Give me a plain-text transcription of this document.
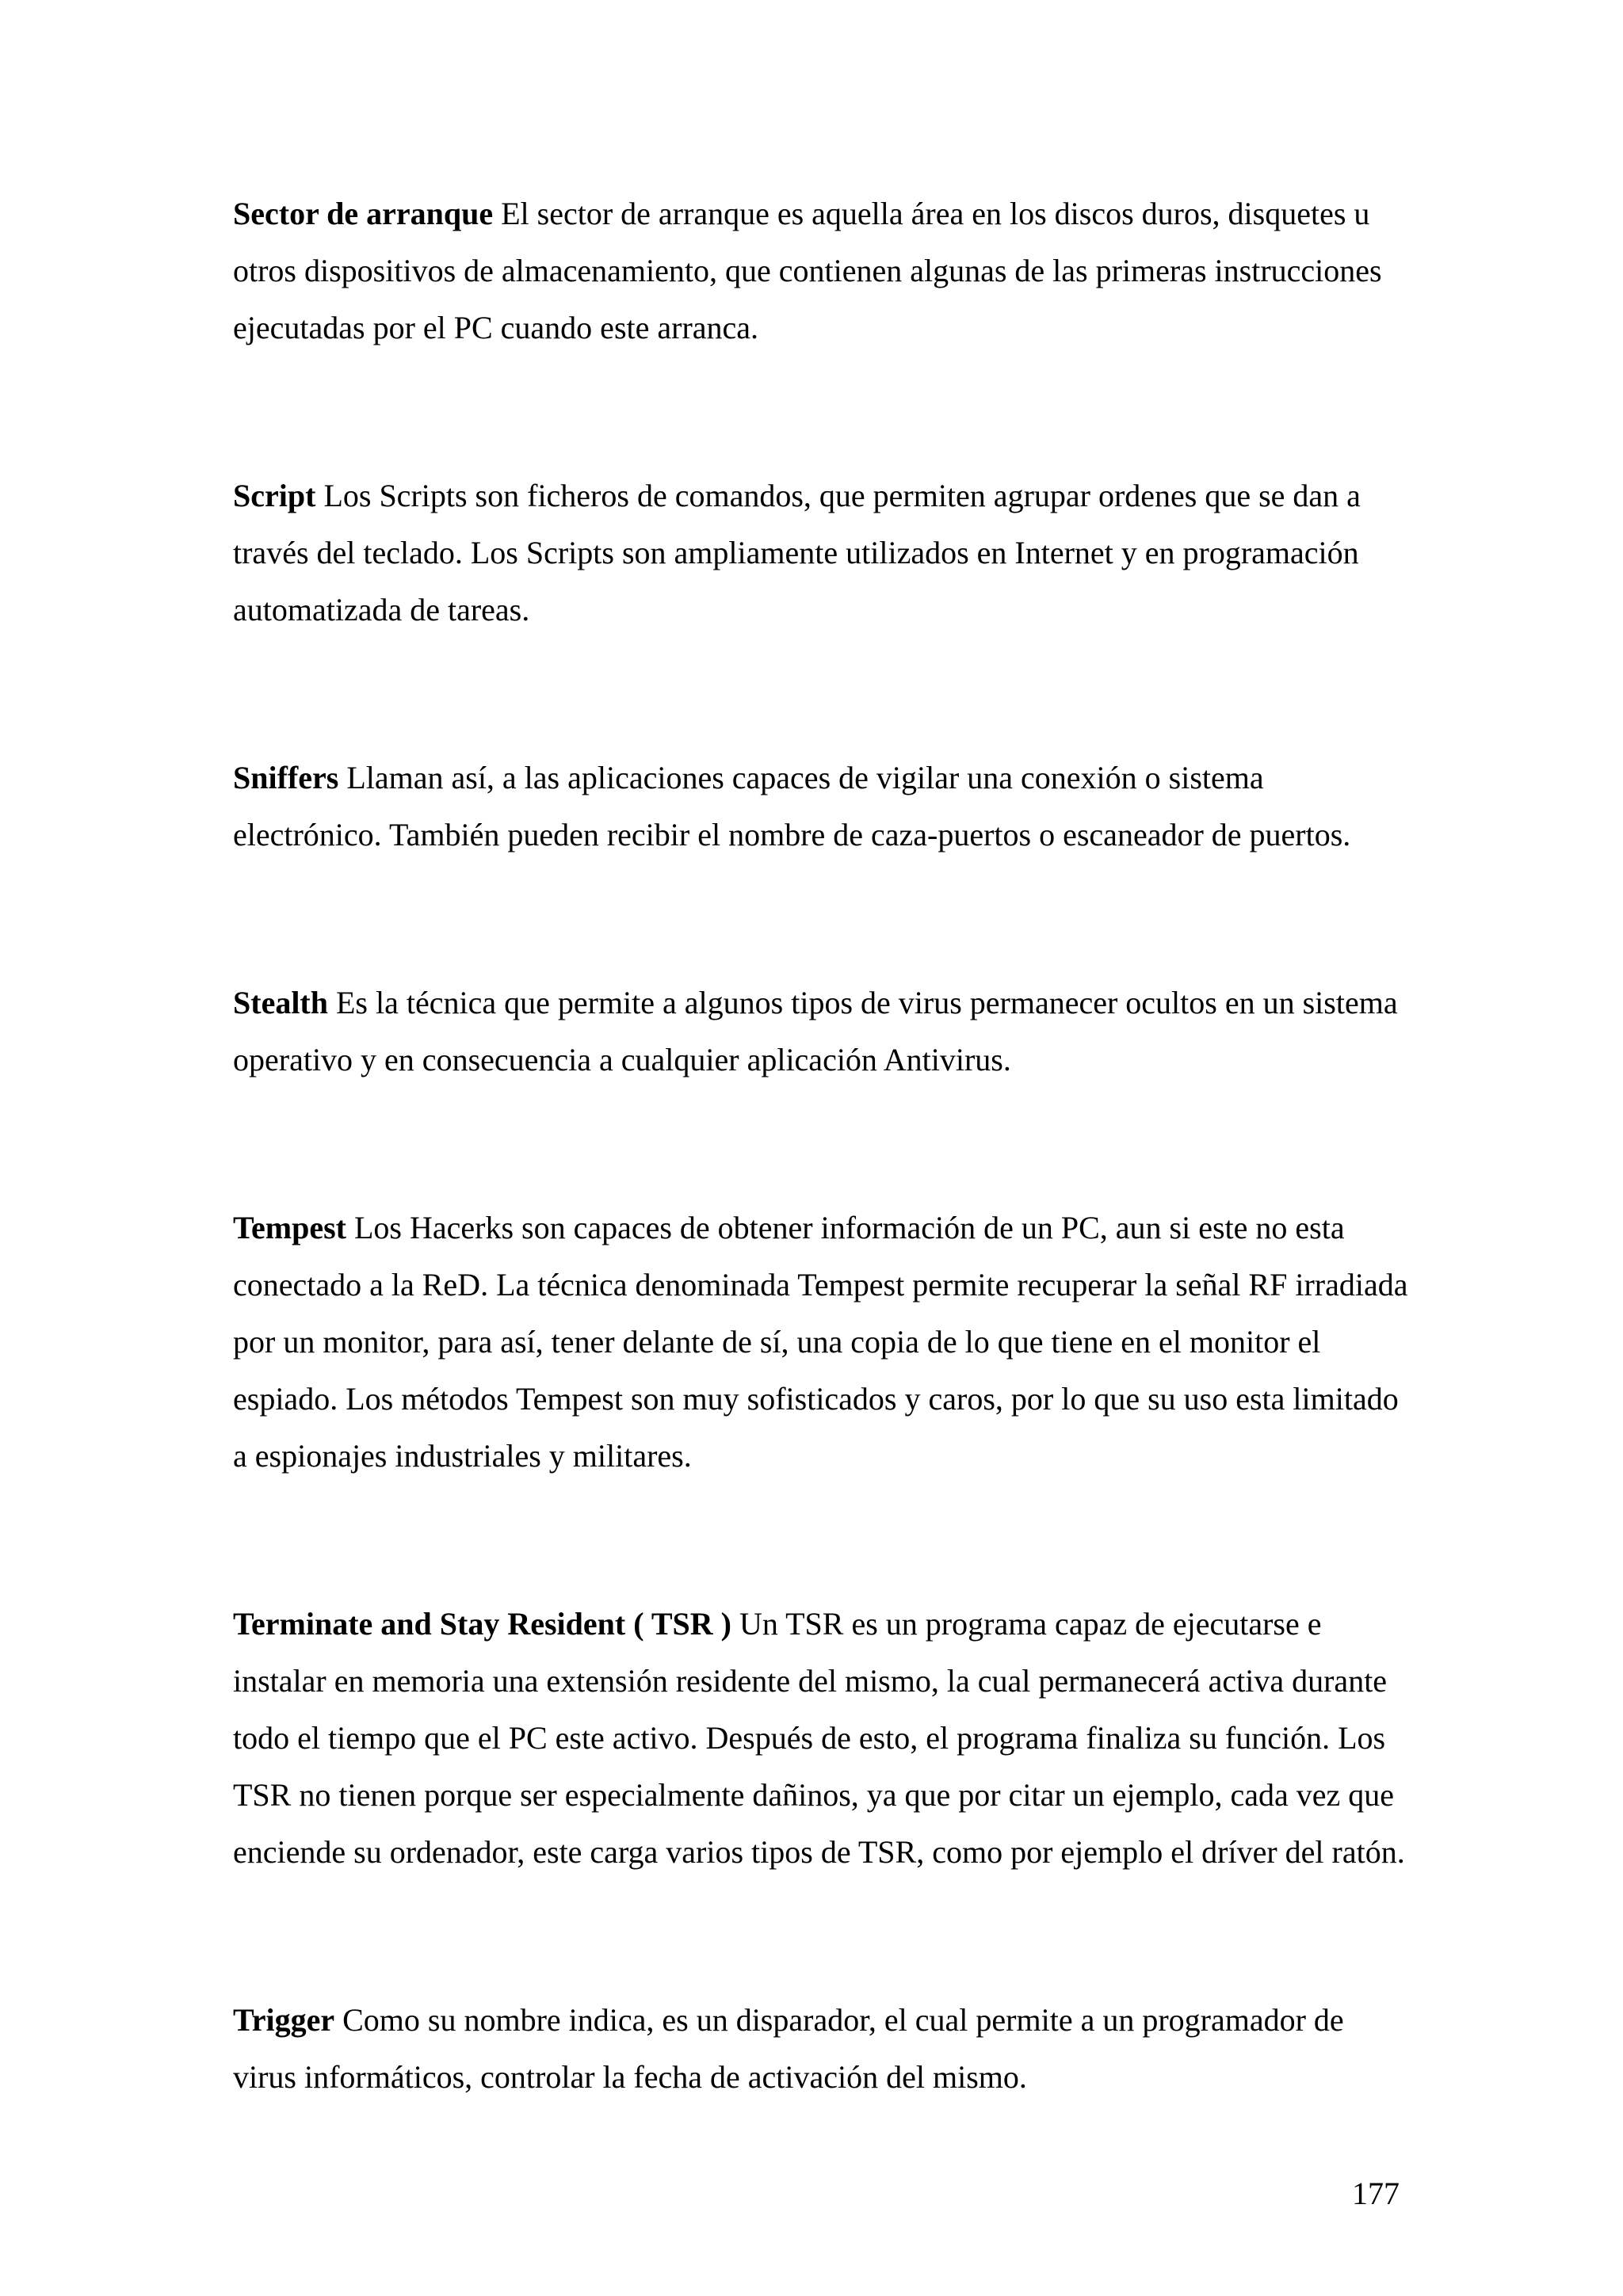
Sector de arranque El sector de arranque es aquella área en los discos duros, disquetes u otros dispositivos de almacenamiento, que contienen algunas de las primeras instrucciones ejecutadas por el PC cuando este arranca.

Script Los Scripts son ficheros de comandos, que permiten agrupar ordenes que se dan a través del teclado. Los Scripts son ampliamente utilizados en Internet y en programación automatizada de tareas.

Sniffers Llaman así, a las aplicaciones capaces de vigilar una conexión o sistema electrónico. También pueden recibir el nombre de caza-puertos o escaneador de puertos.

Stealth Es la técnica que permite a algunos tipos de virus permanecer ocultos en un sistema operativo y en consecuencia a cualquier aplicación Antivirus.

Tempest Los Hacerks son capaces de obtener información de un PC, aun si este no esta conectado a la ReD. La técnica denominada Tempest permite recuperar la señal RF irradiada por un monitor, para así, tener delante de sí, una copia de lo que tiene en el monitor el espiado. Los métodos Tempest son muy sofisticados y caros, por lo que su uso esta limitado a espionajes industriales y militares.

Terminate and Stay Resident ( TSR ) Un TSR es un programa capaz de ejecutarse e instalar en memoria una extensión residente del mismo, la cual permanecerá activa durante todo el tiempo que el PC este activo. Después de esto, el programa finaliza su función. Los TSR no tienen porque ser especialmente dañinos, ya que por citar un ejemplo, cada vez que enciende su ordenador, este carga varios tipos de TSR, como por ejemplo el dríver del ratón.

Trigger Como su nombre indica, es un disparador, el cual permite a un programador de virus informáticos, controlar la fecha de activación del mismo.

177
